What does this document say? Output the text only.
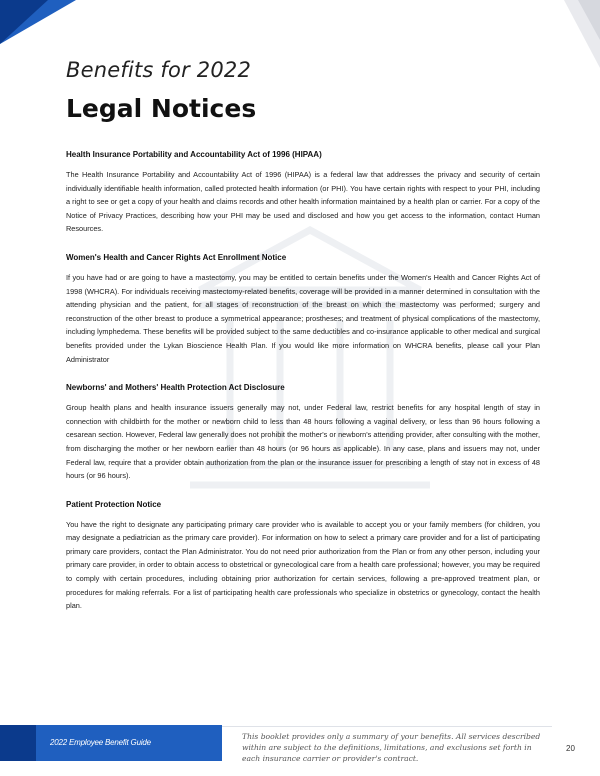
Benefits for 2022
Legal Notices
Health Insurance Portability and Accountability Act of 1996 (HIPAA)

The Health Insurance Portability and Accountability Act of 1996 (HIPAA) is a federal law that addresses the privacy and security of certain individually identifiable health information, called protected health information (or PHI). You have certain rights with respect to your PHI, including a right to see or get a copy of your health and claims records and other health information maintained by a health plan or carrier. For a copy of the Notice of Privacy Practices, describing how your PHI may be used and disclosed and how you get access to the information, contact Human Resources.

Women's Health and Cancer Rights Act Enrollment Notice

If you have had or are going to have a mastectomy, you may be entitled to certain benefits under the Women's Health and Cancer Rights Act of 1998 (WHCRA). For individuals receiving mastectomy-related benefits, coverage will be provided in a manner determined in consultation with the attending physician and the patient, for all stages of reconstruction of the breast on which the mastectomy was performed; surgery and reconstruction of the other breast to produce a symmetrical appearance; prostheses; and treatment of physical complications of the mastectomy, including lymphedema. These benefits will be provided subject to the same deductibles and co-insurance applicable to other medical and surgical benefits provided under the Lykan Bioscience Health Plan. If you would like more information on WHCRA benefits, please call your Plan Administrator

Newborns' and Mothers' Health Protection Act Disclosure

Group health plans and health insurance issuers generally may not, under Federal law, restrict benefits for any hospital length of stay in connection with childbirth for the mother or newborn child to less than 48 hours following a vaginal delivery, or less than 96 hours following a cesarean section. However, Federal law generally does not prohibit the mother's or newborn's attending provider, after consulting with the mother, from discharging the mother or her newborn earlier than 48 hours (or 96 hours as applicable). In any case, plans and issuers may not, under Federal law, require that a provider obtain authorization from the plan or the insurance issuer for prescribing a length of stay not in excess of 48 hours (or 96 hours).

Patient Protection Notice

You have the right to designate any participating primary care provider who is available to accept you or your family members (for children, you may designate a pediatrician as the primary care provider). For information on how to select a primary care provider and for a list of participating primary care providers, contact the Plan Administrator. You do not need prior authorization from the Plan or from any other person, including your primary care provider, in order to obtain access to obstetrical or gynecological care from a health care professional; however, you may be required to comply with certain procedures, including obtaining prior authorization for certain services, following a pre-approved treatment plan, or procedures for making referrals. For a list of participating health care professionals who specialize in obstetrics or gynecology, contact the health plan.

2022 Employee Benefit Guide
This booklet provides only a summary of your benefits. All services described within are subject to the definitions, limitations, and exclusions set forth in each insurance carrier or provider's contract.
20
